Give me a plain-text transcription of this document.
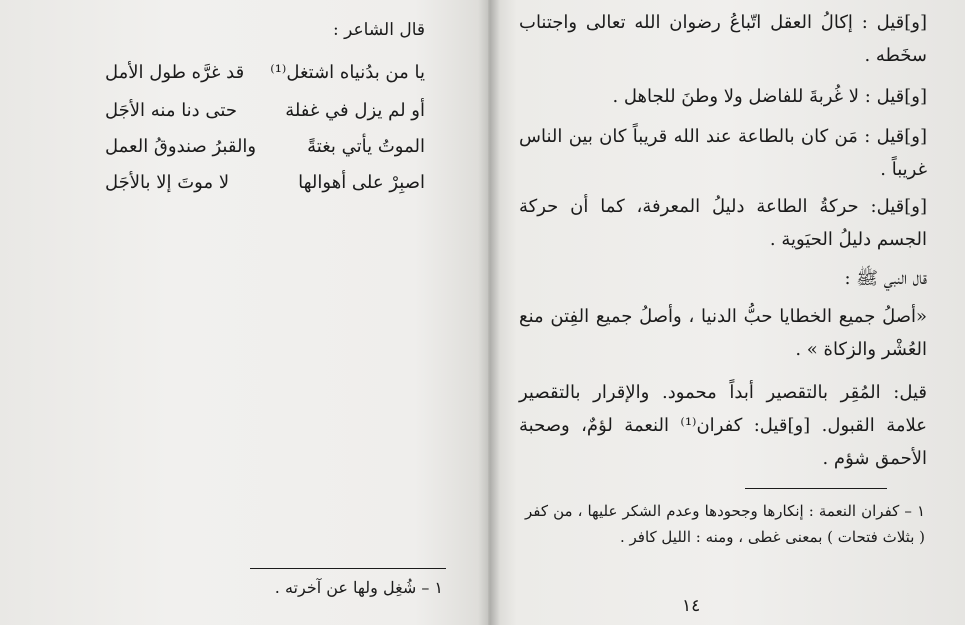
قال الشاعر :
يا من بدُنياه اشتغل⁽¹⁾
قد غرَّه طول الأمل
أو لم يزل في غفلة
حتى دنا منه الأجَل
الموتُ يأتي بغتةً
والقبرُ صندوقُ العمل
اصبِرْ على أهوالها
لا موتَ إلا بالأجَل
١ – شُغِل ولها عن آخرته .
[و]قيل : إكالُ العقل اتّباعُ رضوان الله تعالى واجتناب سخَطه .
[و]قيل : لا غُربةَ للفاضل ولا وطنَ للجاهل .
[و]قيل : مَن كان بالطاعة عند الله قريباً كان بين الناس غريباً .
[و]قيل: حركةُ الطاعة دليلُ المعرفة، كما أن حركة الجسم دليلُ الحيَوية .
قال النبي ﷺ :
«أصلُ جميع الخطايا حبُّ الدنيا ، وأصلُ جميع الفِتن منع العُشْر والزكاة » .
قيل: المُقِر بالتقصير أبداً محمود. والإقرار بالتقصير علامة القبول. [و]قيل: كفران⁽¹⁾ النعمة لؤمٌ، وصحبة الأحمق شؤم .
١ – كفران النعمة : إنكارها وجحودها وعدم الشكر عليها ، من كفر ( بثلاث فتحات ) بمعنى غطى ، ومنه : الليل كافر .
١٤
